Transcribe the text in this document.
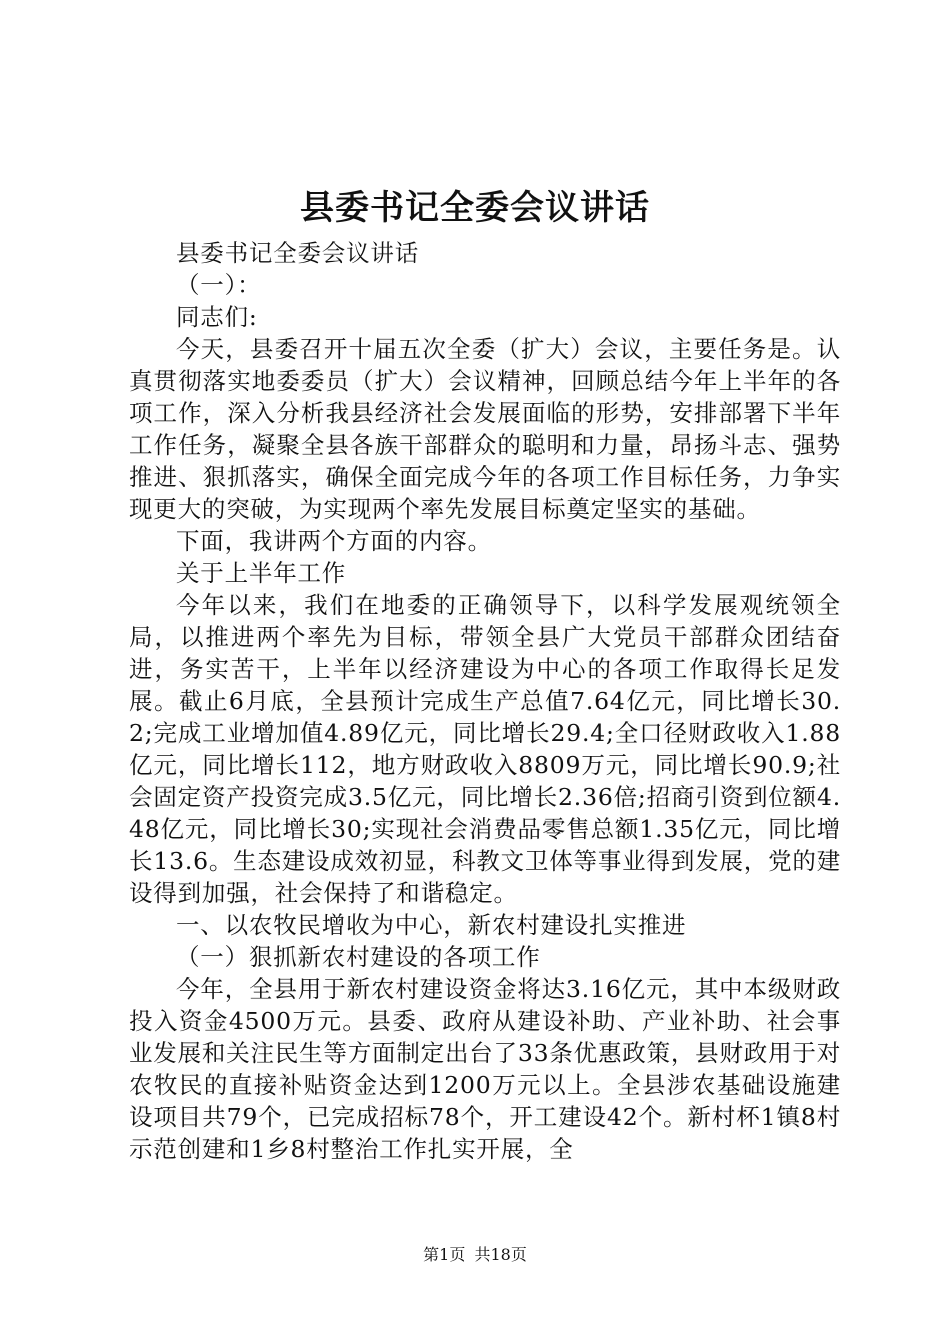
县委书记全委会议讲话

县委书记全委会议讲话

（一）：

同志们:

今天，县委召开十届五次全委（扩大）会议，主要任务是。认真贯彻落实地委委员（扩大）会议精神，回顾总结今年上半年的各项工作，深入分析我县经济社会发展面临的形势，安排部署下半年工作任务，凝聚全县各族干部群众的聪明和力量，昂扬斗志、强势推进、狠抓落实，确保全面完成今年的各项工作目标任务，力争实现更大的突破，为实现两个率先发展目标奠定坚实的基础。

下面，我讲两个方面的内容。

关于上半年工作

今年以来，我们在地委的正确领导下，以科学发展观统领全局，以推进两个率先为目标，带领全县广大党员干部群众团结奋进，务实苦干，上半年以经济建设为中心的各项工作取得长足发展。截止6月底，全县预计完成生产总值7.64亿元，同比增长30.2;完成工业增加值4.89亿元，同比增长29.4;全口径财政收入1.88亿元，同比增长112，地方财政收入8809万元，同比增长90.9;社会固定资产投资完成3.5亿元，同比增长2.36倍;招商引资到位额4.48亿元，同比增长30;实现社会消费品零售总额1.35亿元，同比增长13.6。生态建设成效初显，科教文卫体等事业得到发展，党的建设得到加强，社会保持了和谐稳定。

一、以农牧民增收为中心，新农村建设扎实推进

（一）狠抓新农村建设的各项工作

今年，全县用于新农村建设资金将达3.16亿元，其中本级财政投入资金4500万元。县委、政府从建设补助、产业补助、社会事业发展和关注民生等方面制定出台了33条优惠政策，县财政用于对农牧民的直接补贴资金达到1200万元以上。全县涉农基础设施建设项目共79个，已完成招标78个，开工建设42个。新村杯1镇8村示范创建和1乡8村整治工作扎实开展，全

第1页 共18页
